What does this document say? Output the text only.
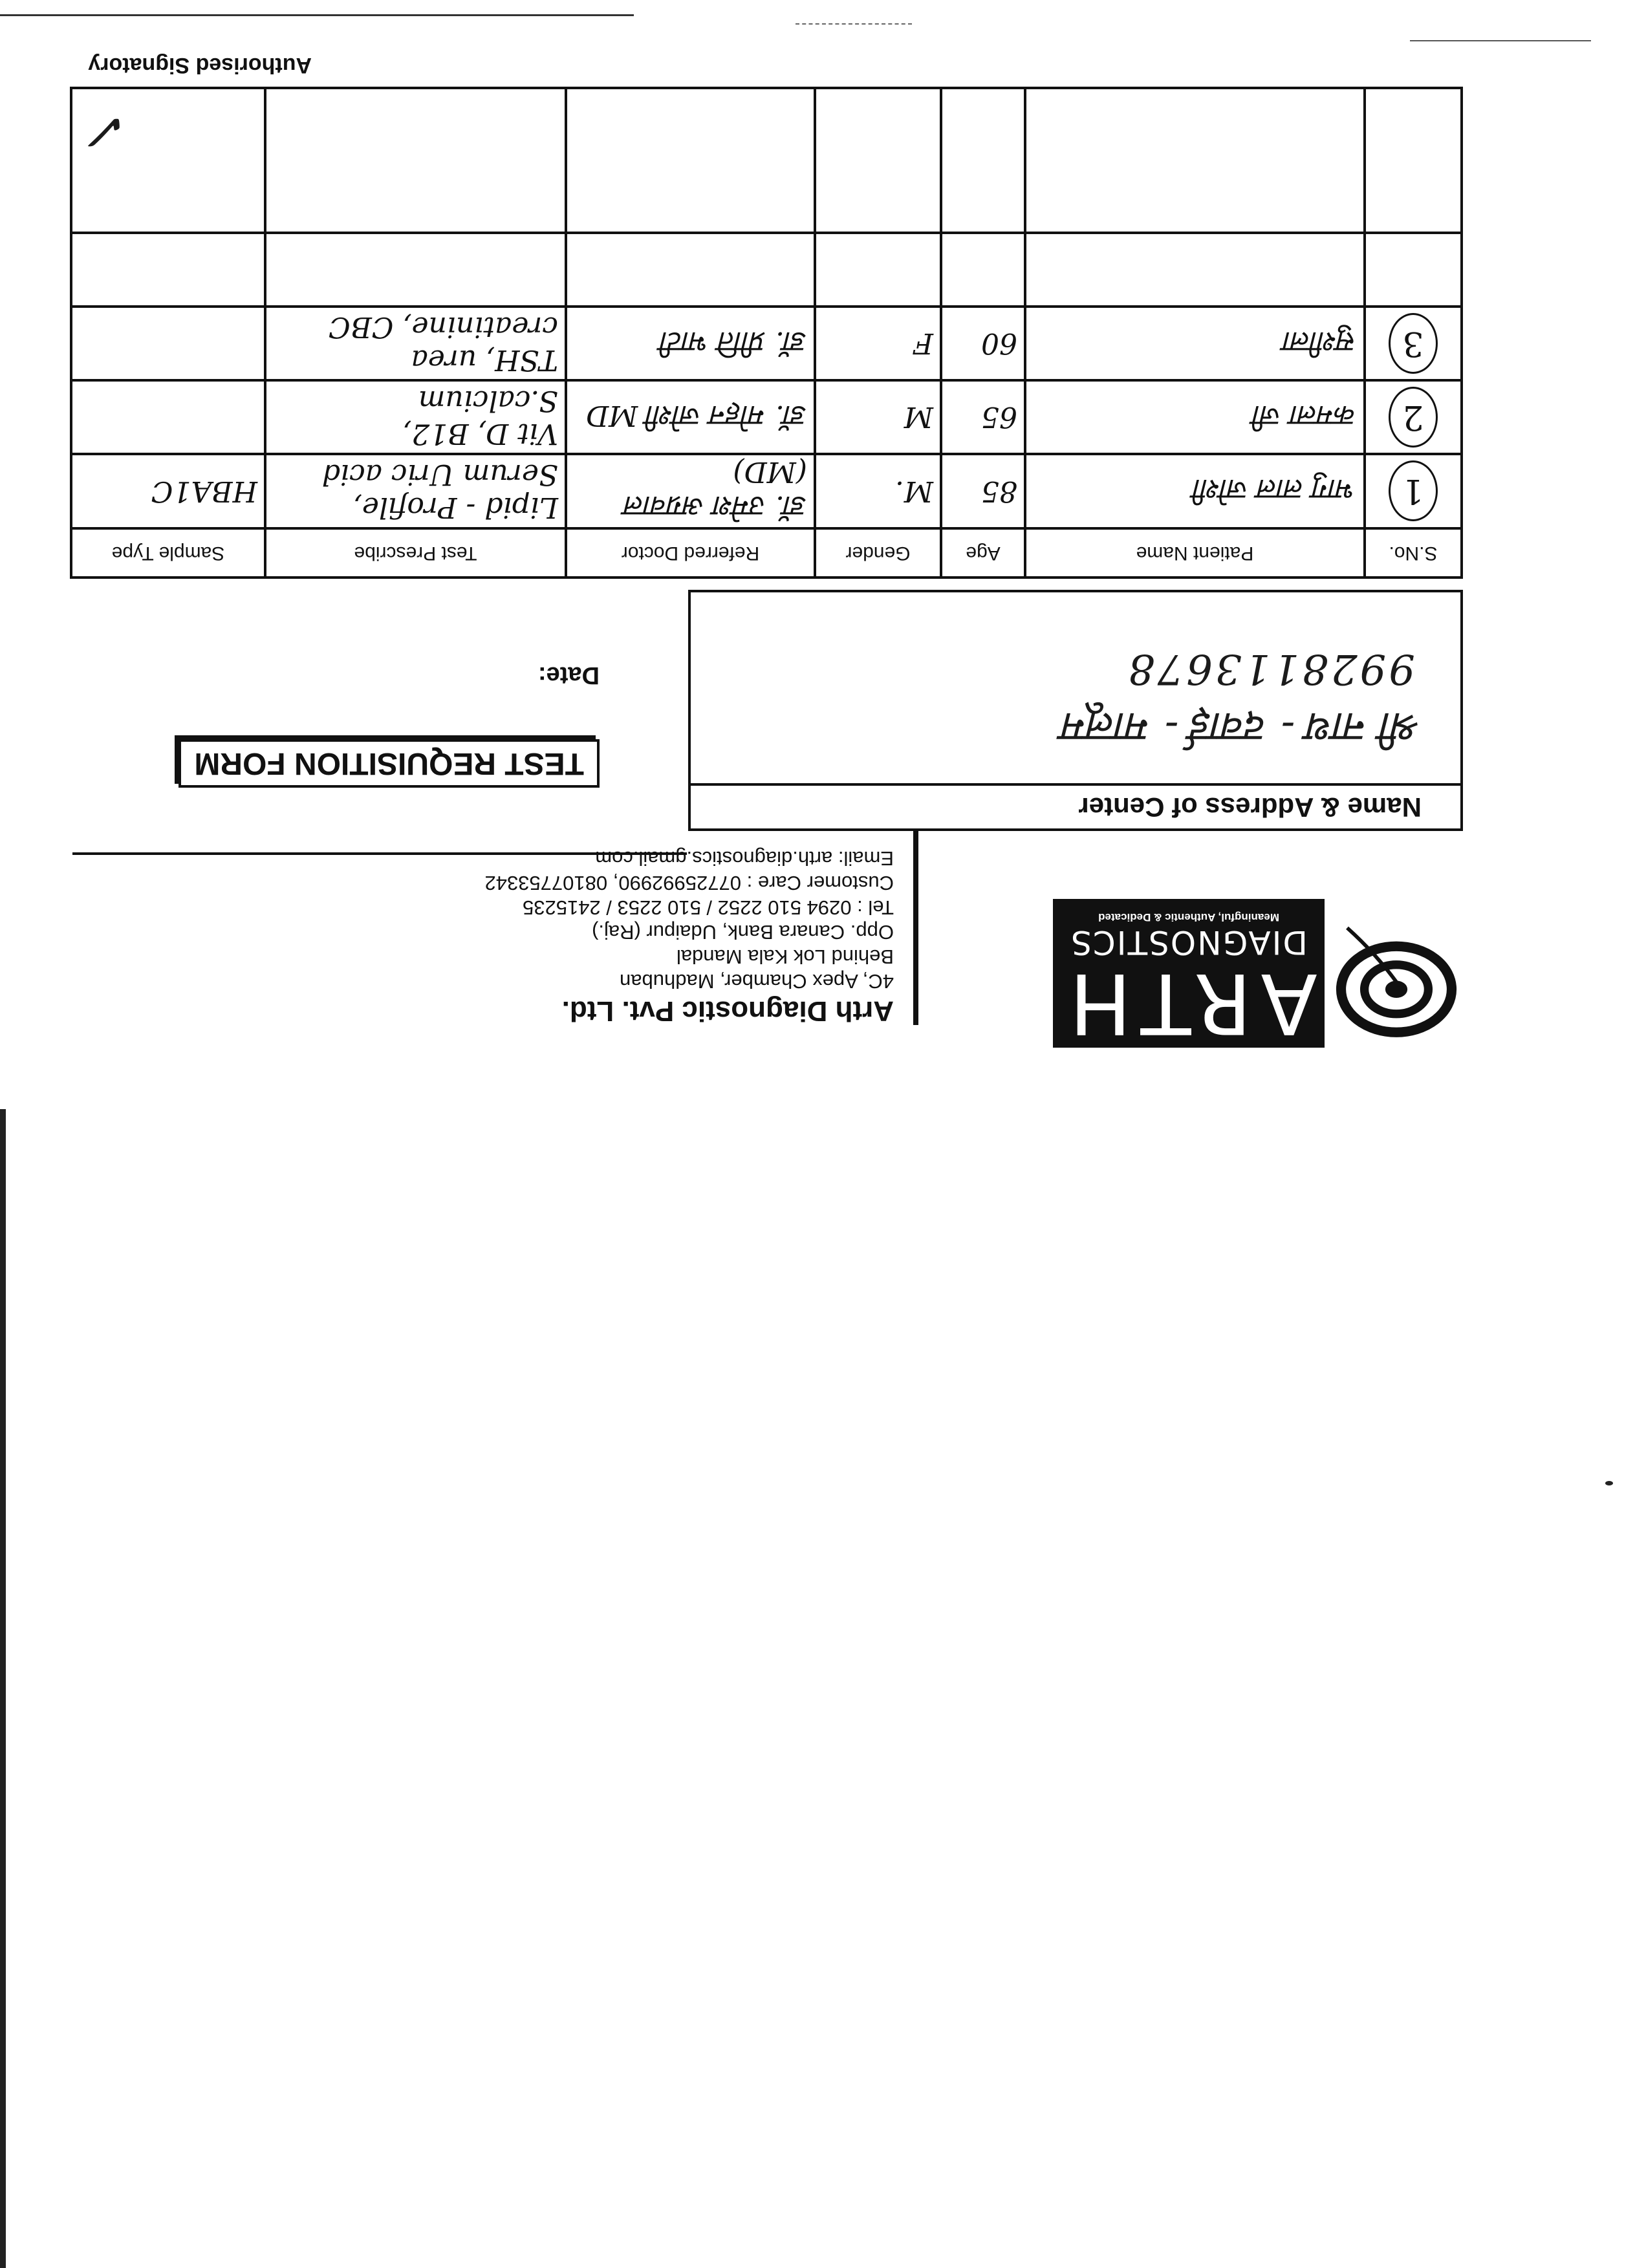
ARTH
DIAGNOSTICS
Meaningful, Authentic & Dedicated
Arth Diagnostic Pvt. Ltd.
4C, Apex Chamber, Madhuban
Behind Lok Kala Mandal
Opp. Canara Bank, Udaipur (Raj.)
Tel : 0294 510 2252 / 510 2253 / 2415235
Customer Care : 07725992990, 08107753342
Email: arth.diagnostics.gmail.com
Name & Address of Center
श्री नाथ - दवाई - मालूम
9928113678
TEST REQUISITION FORM
Date:
S.No.	Patient Name	Age	Gender	Referred Doctor	Test Prescribe	Sample Type
1	भागु लाल जोशी	85	M.	डॉ. उमेश अग्रवाल (MD)	Lipid - Profile, Serum Uric acid	HBA1C
2	कमला जी	65	M	डॉ. मोहन जोशी MD	Vit D, B12, S.calcium	
3	सुशीला	60	F	डॉ. प्रीति भाटी	TSH, urea creatinine, CBC	

Authorised Signatory
✓
